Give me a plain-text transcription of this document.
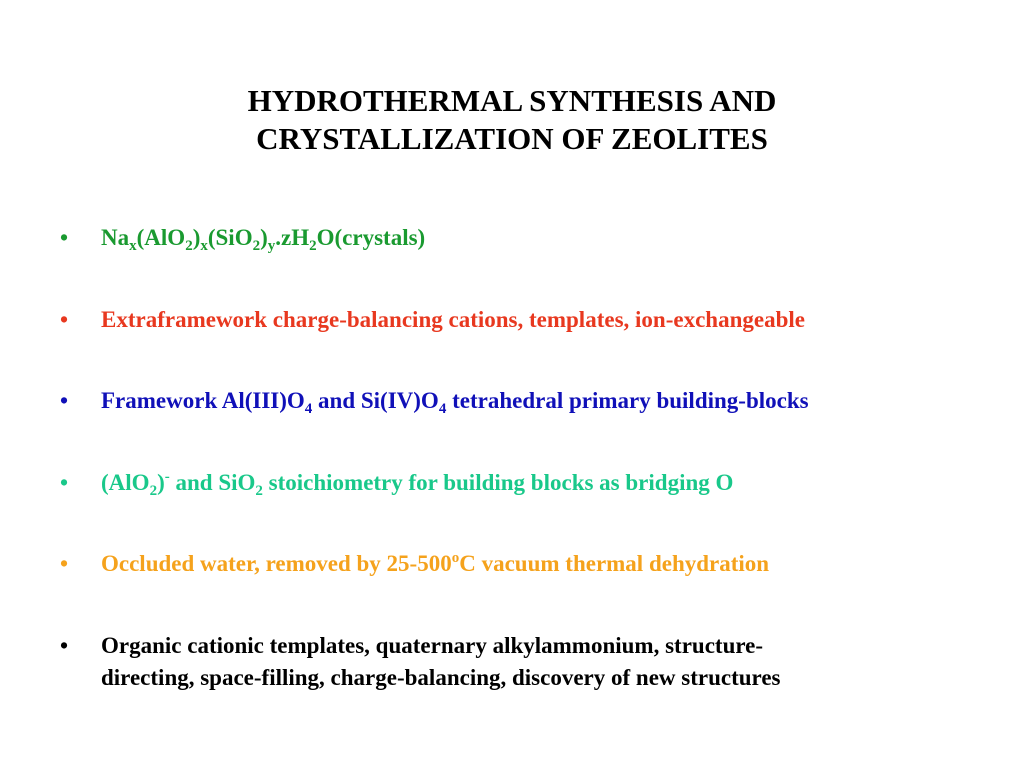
HYDROTHERMAL SYNTHESIS AND
CRYSTALLIZATION OF ZEOLITES
•	$Na_x(AlO_2)_x(SiO_2)_y.zH_2O(crystals)$
•	Extraframework charge-balancing cations, templates, ion-exchangeable
•	Framework $Al(III)O_4$ and $Si(IV)O_4$ tetrahedral primary building-blocks
•	(AlO$_2$)- and SiO$_2$ stoichiometry for building blocks as bridging O
•	Occluded water, removed by 25-500$^o$C vacuum thermal dehydration
•	Organic cationic templates, quaternary alkylammonium, structure-
directing, space-filling, charge-balancing, discovery of new structures
